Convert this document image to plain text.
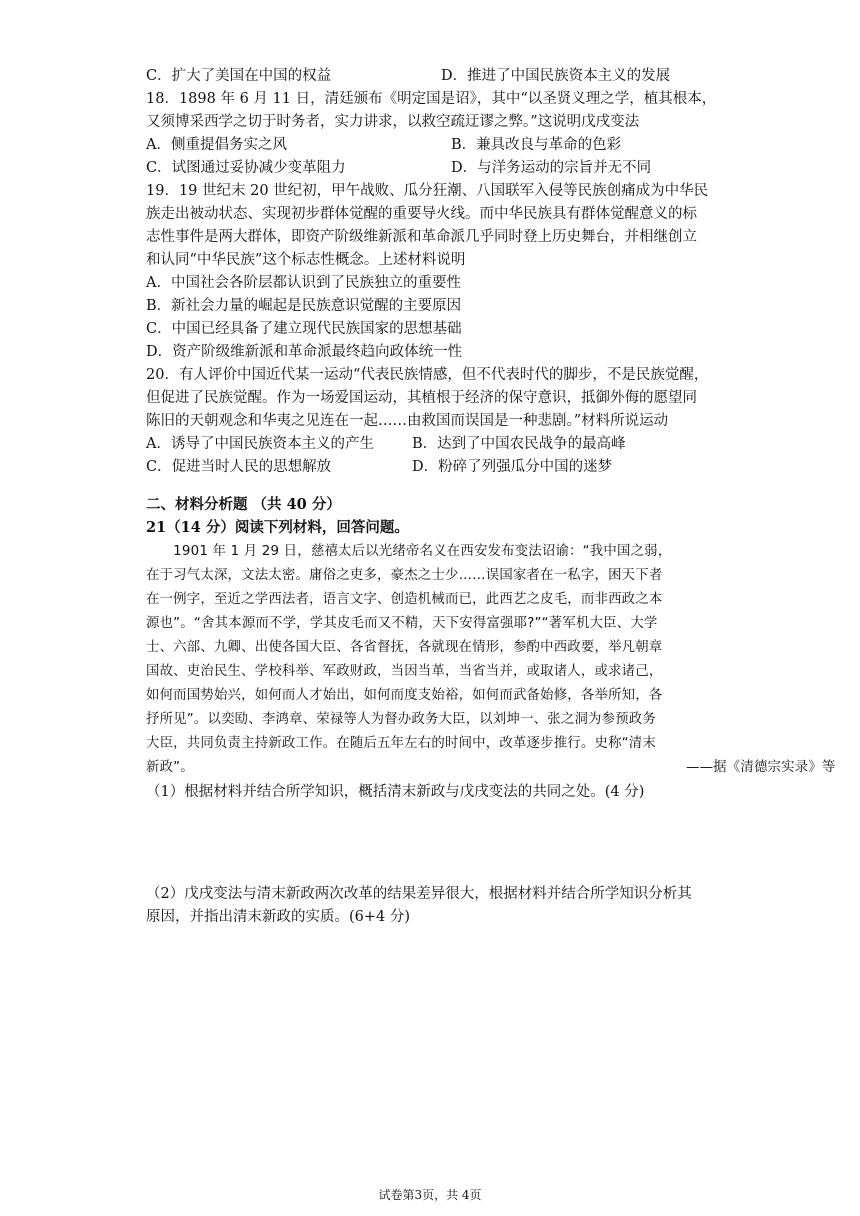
C．扩大了美国在中国的权益	D．推进了中国民族资本主义的发展
18．1898 年 6 月 11 日，清廷颁布《明定国是诏》，其中“以圣贤义理之学，植其根本，
又须博采西学之切于时务者，实力讲求，以救空疏迂谬之弊。”这说明戊戌变法
A．侧重提倡务实之风	B．兼具改良与革命的色彩
C．试图通过妥协减少变革阻力	D．与洋务运动的宗旨并无不同
19．19 世纪末 20 世纪初，甲午战败、瓜分狂潮、八国联军入侵等民族创痛成为中华民
族走出被动状态、实现初步群体觉醒的重要导火线。而中华民族具有群体觉醒意义的标
志性事件是两大群体，即资产阶级维新派和革命派几乎同时登上历史舞台，并相继创立
和认同“中华民族”这个标志性概念。上述材料说明
A．中国社会各阶层都认识到了民族独立的重要性
B．新社会力量的崛起是民族意识觉醒的主要原因
C．中国已经具备了建立现代民族国家的思想基础
D．资产阶级维新派和革命派最终趋向政体统一性
20．有人评价中国近代某一运动“代表民族情感，但不代表时代的脚步，不是民族觉醒，
但促进了民族觉醒。作为一场爱国运动，其植根于经济的保守意识，抵御外侮的愿望同
陈旧的天朝观念和华夷之见连在一起……由救国而误国是一种悲剧。”材料所说运动
A．诱导了中国民族资本主义的产生	B．达到了中国农民战争的最高峰
C．促进当时人民的思想解放	D．粉碎了列强瓜分中国的迷梦
二、材料分析题 （共 40 分）
21（14 分）阅读下列材料，回答问题。
　　1901 年 1 月 29 日，慈禧太后以光绪帝名义在西安发布变法诏谕：“我中国之弱，
在于习气太深，文法太密。庸俗之吏多，豪杰之士少……误国家者在一私字，困天下者
在一例字，至近之学西法者，语言文字、创造机械而已，此西艺之皮毛，而非西政之本
源也”。“舍其本源而不学，学其皮毛而又不精，天下安得富强耶?”“著军机大臣、大学
士、六部、九卿、出使各国大臣、各省督抚，各就现在情形，参酌中西政要，举凡朝章
国故、吏治民生、学校科举、军政财政，当因当革，当省当并，或取诸人，或求诸己，
如何而国势始兴，如何而人才始出，如何而度支始裕，如何而武备始修，各举所知，各
抒所见”。以奕劻、李鸿章、荣禄等人为督办政务大臣，以刘坤一、张之洞为参预政务
大臣，共同负责主持新政工作。在随后五年左右的时间中，改革逐步推行。史称“清末
新政”。	——据《清德宗实录》等
（1）根据材料并结合所学知识，概括清末新政与戊戌变法的共同之处。(4 分)
（2）戊戌变法与清末新政两次改革的结果差异很大，根据材料并结合所学知识分析其
原因，并指出清末新政的实质。(6+4 分)
试卷第3页，共 4页
